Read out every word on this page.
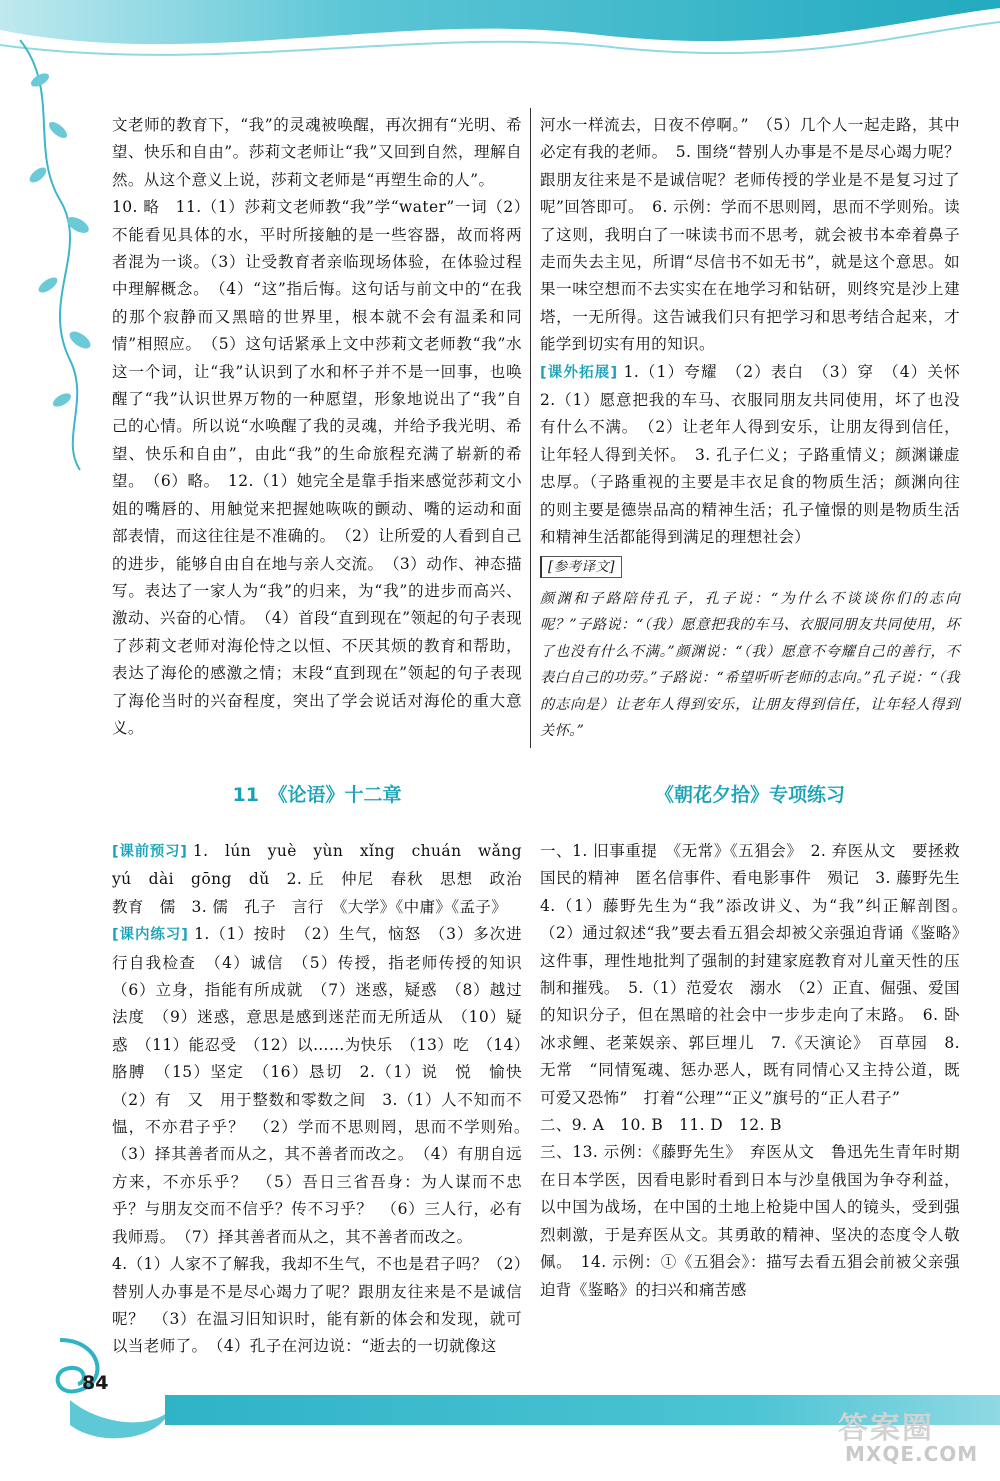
文老师的教育下，“我”的灵魂被唤醒，再次拥有“光明、希望、快乐和自由”。莎莉文老师让“我”又回到自然，理解自然。从这个意义上说，莎莉文老师是“再塑生命的人”。

10. 略　11.（1）莎莉文老师教“我”学“water”一词（2）不能看见具体的水，平时所接触的是一些容器，故而将两者混为一谈。（3）让受教育者亲临现场体验，在体验过程中理解概念。　（4）“这”指后悔。这句话与前文中的“在我的那个寂静而又黑暗的世界里，根本就不会有温柔和同情”相照应。　（5）这句话紧承上文中莎莉文老师教“我”水这一个词，让“我”认识到了水和杯子并不是一回事，也唤醒了“我”认识世界万物的一种愿望，形象地说出了“我”自己的心情。所以说“水唤醒了我的灵魂，并给予我光明、希望、快乐和自由”，由此“我”的生命旅程充满了崭新的希望。　（6）略。　12.（1）她完全是靠手指来感觉莎莉文小姐的嘴唇的、用触觉来把握她咴咴的颤动、嘴的运动和面部表情，而这往往是不准确的。　（2）让所爱的人看到自己的进步，能够自由自在地与亲人交流。　（3）动作、神态描写。表达了一家人为“我”的归来，为“我”的进步而高兴、激动、兴奋的心情。　（4）首段“直到现在”领起的句子表现了莎莉文老师对海伦恃之以恒、不厌其烦的教育和帮助，表达了海伦的感激之情；末段“直到现在”领起的句子表现了海伦当时的兴奋程度，突出了学会说话对海伦的重大意义。

河水一样流去，日夜不停啊。”　（5）几个人一起走路，其中必定有我的老师。　5. 围绕“替别人办事是不是尽心竭力呢？跟朋友往来是不是诚信呢？老师传授的学业是不是复习过了呢”回答即可。　6. 示例：学而不思则罔，思而不学则殆。读了这则，我明白了一味读书而不思考，就会被书本牵着鼻子走而失去主见，所谓“尽信书不如无书”，就是这个意思。如果一味空想而不去实实在在地学习和钻研，则终究是沙上建塔，一无所得。这告诫我们只有把学习和思考结合起来，才能学到切实有用的知识。

[课外拓展] 1.（1）夸耀　（2）表白　（3）穿　（4）关怀　2.（1）愿意把我的车马、衣服同朋友共同使用，坏了也没有什么不满。　（2）让老年人得到安乐，让朋友得到信任，让年轻人得到关怀。　3. 孔子仁义；子路重情义；颜渊谦虚忠厚。（子路重视的主要是丰衣足食的物质生活；颜渊向往的则主要是德崇品高的精神生活；孔子憧憬的则是物质生活和精神生活都能得到满足的理想社会）

[参考译文]

颜渊和子路陪侍孔子，孔子说：“为什么不谈谈你们的志向呢？”子路说：“（我）愿意把我的车马、衣服同朋友共同使用，坏了也没有什么不满。”颜渊说：“（我）愿意不夸耀自己的善行，不表白自己的功劳。”子路说：“希望听听老师的志向。”孔子说：“（我的志向是）让老年人得到安乐，让朋友得到信任，让年轻人得到关怀。”

11　《论语》十二章	《朝花夕拾》专项练习

[课前预习] 1.　lún　yuè　yùn　xǐng　chuán　wǎng　yú　dài　gōng　dǔ　2. 丘　仲尼　春秋　思想　政治　教育　儒　3. 儒　孔子　言行　《大学》《中庸》《孟子》

[课内练习] 1.（1）按时　（2）生气，恼怒　（3）多次进行自我检查　（4）诚信　（5）传授，指老师传授的知识　（6）立身，指能有所成就　（7）迷惑，疑惑　（8）越过法度　（9）迷惑，意思是感到迷茫而无所适从　（10）疑惑　（11）能忍受　（12）以……为快乐　（13）吃　（14）胳膊　（15）坚定　（16）恳切　2.（1）说　悦　愉快　（2）有　又　用于整数和零数之间　3.（1）人不知而不愠，不亦君子乎？　（2）学而不思则罔，思而不学则殆。　（3）择其善者而从之，其不善者而改之。　（4）有朋自远方来，不亦乐乎？　（5）吾日三省吾身：为人谋而不忠乎？与朋友交而不信乎？传不习乎？　（6）三人行，必有我师焉。　（7）择其善者而从之，其不善者而改之。

4.（1）人家不了解我，我却不生气，不也是君子吗？（2）替别人办事是不是尽心竭力了呢？跟朋友往来是不是诚信呢？　（3）在温习旧知识时，能有新的体会和发现，就可以当老师了。　（4）孔子在河边说：“逝去的一切就像这

一、1. 旧事重提　《无常》《五猖会》　2. 弃医从文　要拯救国民的精神　匿名信事件、看电影事件　殒记　3. 藤野先生　4.（1）藤野先生为“我”添改讲义、为“我”纠正解剖图。　（2）通过叙述“我”要去看五猖会却被父亲强迫背诵《鉴略》这件事，理性地批判了强制的封建家庭教育对儿童天性的压制和摧残。　5.（1）范爱农　溺水　（2）正直、倔强、爱国的知识分子，但在黑暗的社会中一步步走向了末路。　6. 卧冰求鲤、老莱娱亲、郭巨埋儿　7.《天演论》　百草园　8. 无常　“同情冤魂、惩办恶人，既有同情心又主持公道，既可爱又恐怖”　打着“公理”“正义”旗号的“正人君子”

二、9. A　10. B　11. D　12. B

三、13. 示例：《藤野先生》　弃医从文　鲁迅先生青年时期在日本学医，因看电影时看到日本与沙皇俄国为争夺利益，以中国为战场，在中国的土地上枪毙中国人的镜头，受到强烈刺激，于是弃医从文。其勇敢的精神、坚决的态度令人敬佩。　14. 示例：①《五猖会》：描写去看五猖会前被父亲强迫背《鉴略》的扫兴和痛苦感

84
答案圈
MXQE.COM
